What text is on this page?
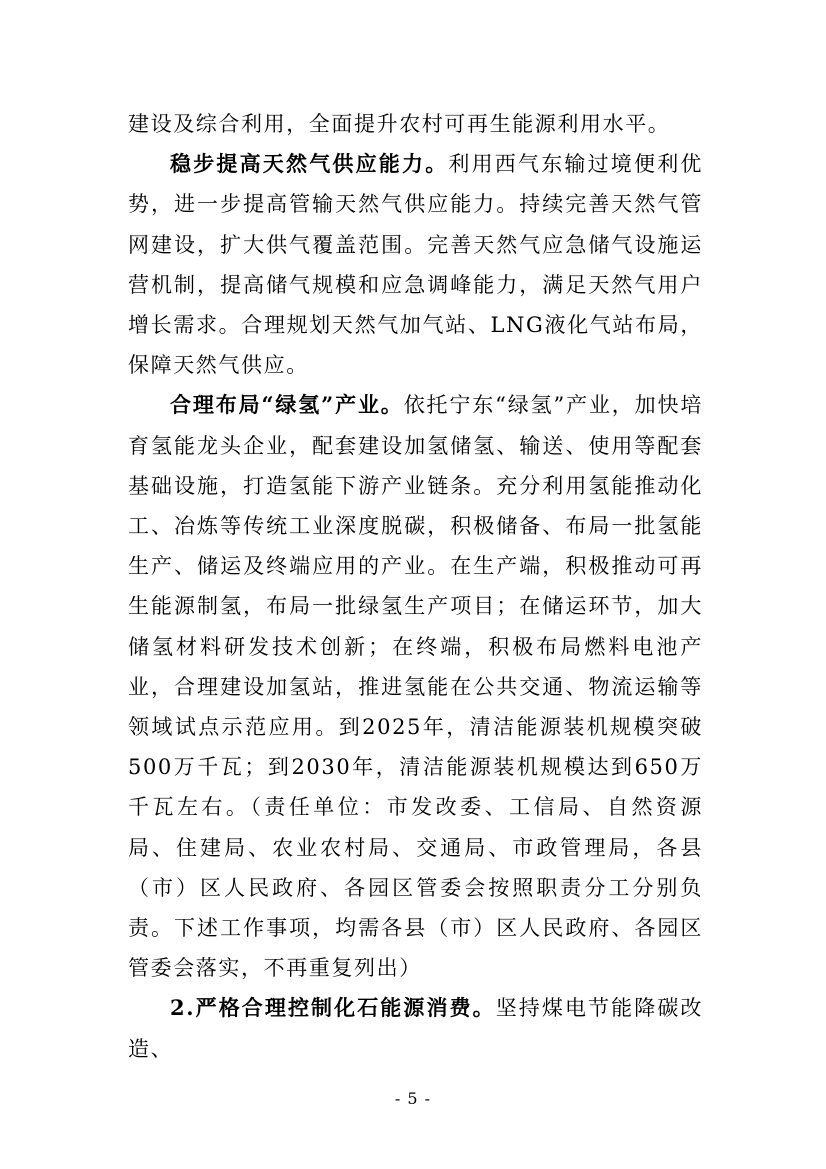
建设及综合利用，全面提升农村可再生能源利用水平。

稳步提高天然气供应能力。利用西气东输过境便利优势，进一步提高管输天然气供应能力。持续完善天然气管网建设，扩大供气覆盖范围。完善天然气应急储气设施运营机制，提高储气规模和应急调峰能力，满足天然气用户增长需求。合理规划天然气加气站、LNG液化气站布局，保障天然气供应。

合理布局“绿氢”产业。依托宁东“绿氢”产业，加快培育氢能龙头企业，配套建设加氢储氢、输送、使用等配套基础设施，打造氢能下游产业链条。充分利用氢能推动化工、冶炼等传统工业深度脱碳，积极储备、布局一批氢能生产、储运及终端应用的产业。在生产端，积极推动可再生能源制氢，布局一批绿氢生产项目；在储运环节，加大储氢材料研发技术创新；在终端，积极布局燃料电池产业，合理建设加氢站，推进氢能在公共交通、物流运输等领域试点示范应用。到2025年，清洁能源装机规模突破500万千瓦；到2030年，清洁能源装机规模达到650万千瓦左右。（责任单位：市发改委、工信局、自然资源局、住建局、农业农村局、交通局、市政管理局，各县（市）区人民政府、各园区管委会按照职责分工分别负责。下述工作事项，均需各县（市）区人民政府、各园区管委会落实，不再重复列出）

2.严格合理控制化石能源消费。坚持煤电节能降碳改造、

- 5 -
